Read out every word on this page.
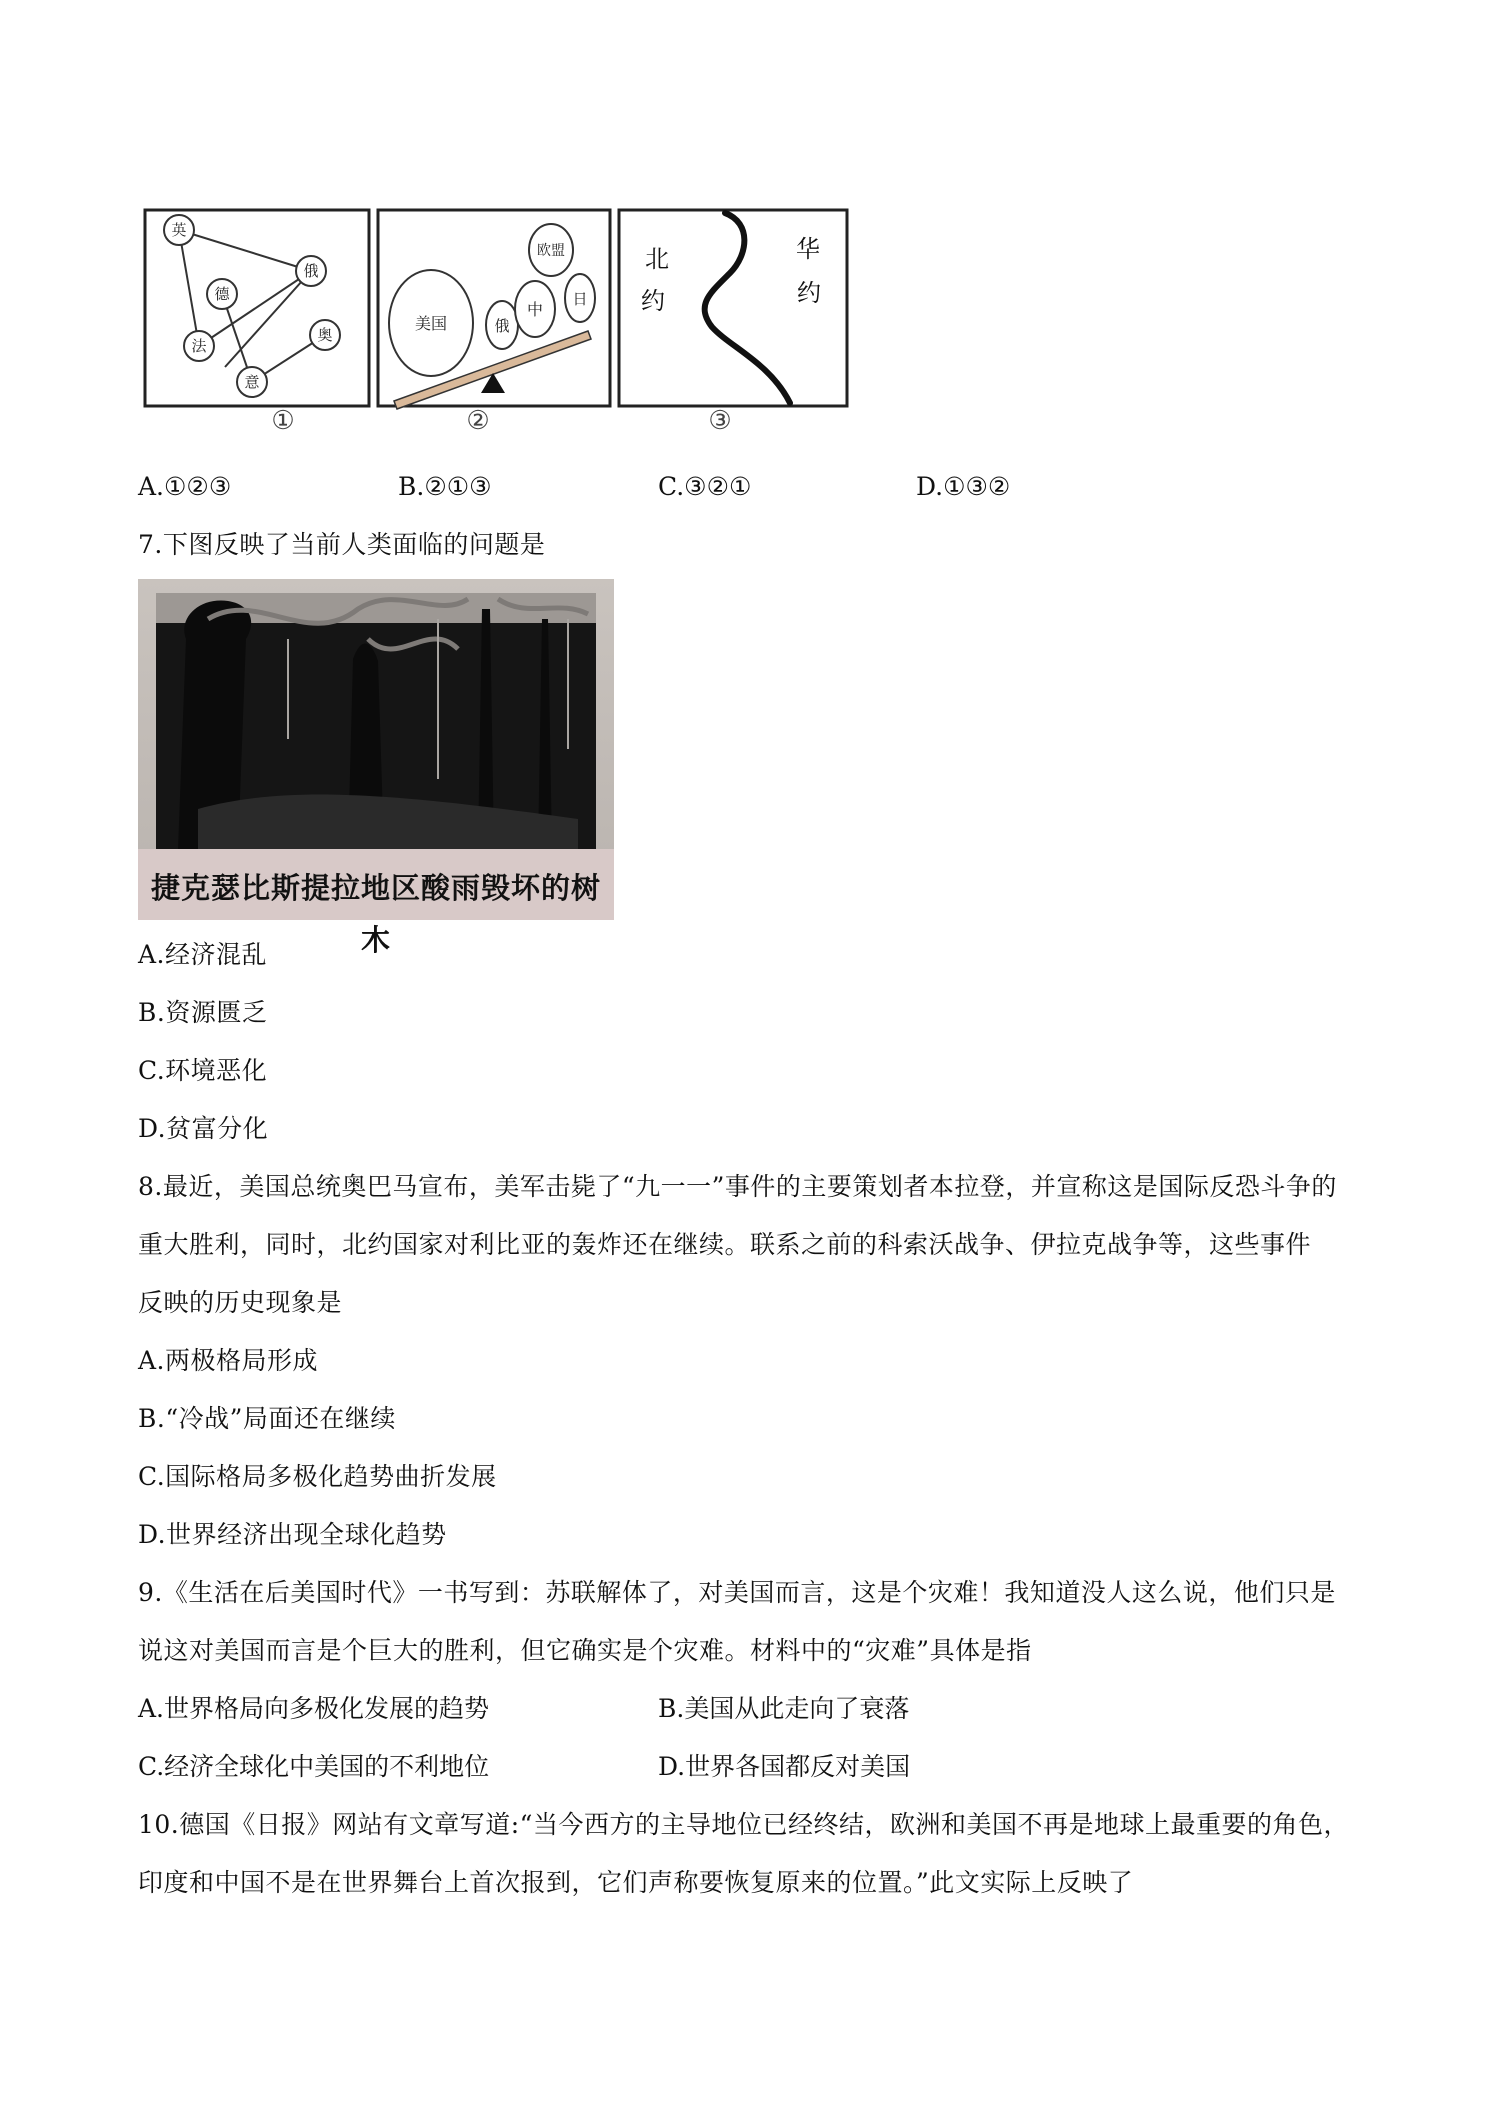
英
俄
德
法
奥
意
美国	俄
中
欧盟
日
北
约
华
约
①	②	③
A.①②③	B.②①③	C.③②①	D.①③②
7.下图反映了当前人类面临的问题是
捷克瑟比斯提拉地区酸雨毁坏的树木
A.经济混乱
B.资源匮乏
C.环境恶化
D.贫富分化
8.最近，美国总统奥巴马宣布，美军击毙了“九一一”事件的主要策划者本拉登，并宣称这是国际反恐斗争的
重大胜利，同时，北约国家对利比亚的轰炸还在继续。联系之前的科索沃战争、伊拉克战争等，这些事件
反映的历史现象是
A.两极格局形成
B.“冷战”局面还在继续
C.国际格局多极化趋势曲折发展
D.世界经济出现全球化趋势
9.《生活在后美国时代》一书写到：苏联解体了，对美国而言，这是个灾难！我知道没人这么说，他们只是
说这对美国而言是个巨大的胜利，但它确实是个灾难。材料中的“灾难”具体是指
A.世界格局向多极化发展的趋势	B.美国从此走向了衰落
C.经济全球化中美国的不利地位	D.世界各国都反对美国
10.德国《日报》网站有文章写道:“当今西方的主导地位已经终结，欧洲和美国不再是地球上最重要的角色，
印度和中国不是在世界舞台上首次报到，它们声称要恢复原来的位置。”此文实际上反映了
